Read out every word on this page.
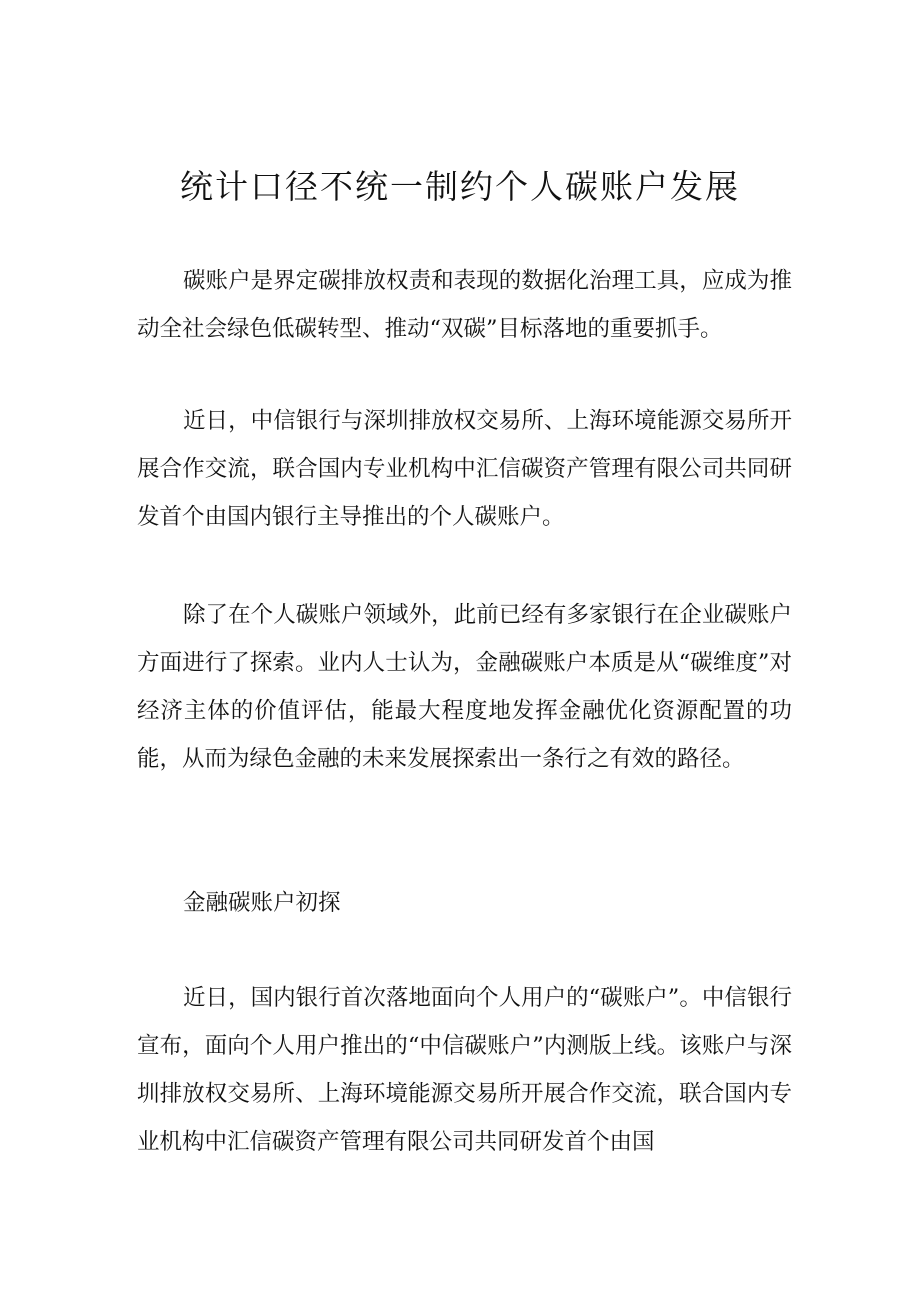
统计口径不统一制约个人碳账户发展

碳账户是界定碳排放权责和表现的数据化治理工具，应成为推动全社会绿色低碳转型、推动“双碳”目标落地的重要抓手。

近日，中信银行与深圳排放权交易所、上海环境能源交易所开展合作交流，联合国内专业机构中汇信碳资产管理有限公司共同研发首个由国内银行主导推出的个人碳账户。

除了在个人碳账户领域外，此前已经有多家银行在企业碳账户方面进行了探索。业内人士认为，金融碳账户本质是从“碳维度”对经济主体的价值评估，能最大程度地发挥金融优化资源配置的功能，从而为绿色金融的未来发展探索出一条行之有效的路径。

金融碳账户初探

近日，国内银行首次落地面向个人用户的“碳账户”。中信银行宣布，面向个人用户推出的“中信碳账户”内测版上线。该账户与深圳排放权交易所、上海环境能源交易所开展合作交流，联合国内专业机构中汇信碳资产管理有限公司共同研发首个由国
